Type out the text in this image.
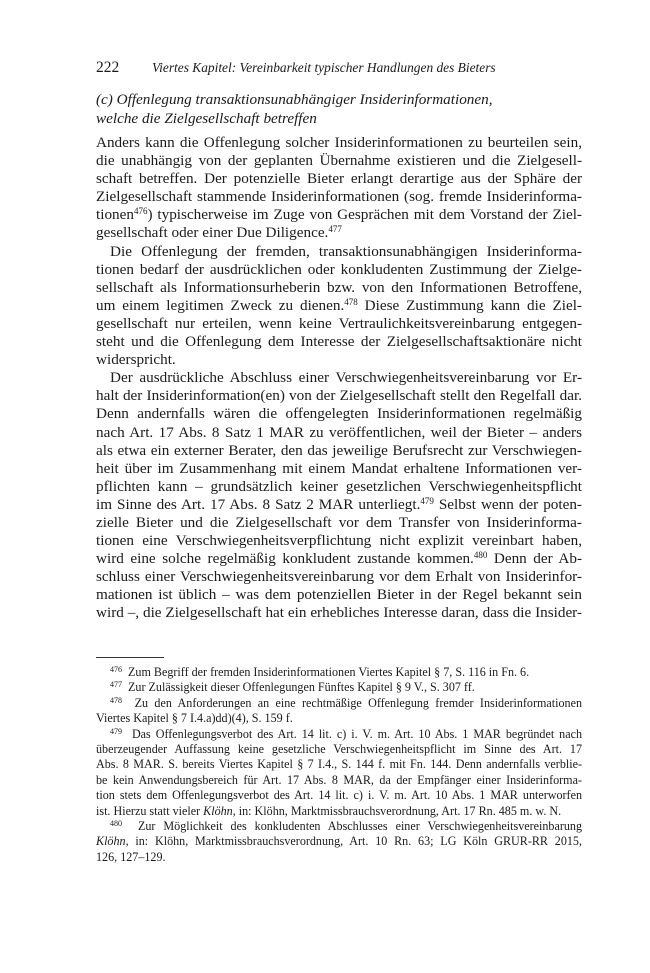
222 Viertes Kapitel: Vereinbarkeit typischer Handlungen des Bieters
(c) Offenlegung transaktionsunabhängiger Insiderinformationen,
welche die Zielgesellschaft betreffen
Anders kann die Offenlegung solcher Insiderinformationen zu beurteilen sein,
die unabhängig von der geplanten Übernahme existieren und die Zielgesell-
schaft betreffen. Der potenzielle Bieter erlangt derartige aus der Sphäre der
Zielgesellschaft stammende Insiderinformationen (sog. fremde Insiderinforma-
tionen$^{476}$) typischerweise im Zuge von Gesprächen mit dem Vorstand der Ziel-
gesellschaft oder einer Due Diligence.$^{477}$
Die Offenlegung der fremden, transaktionsunabhängigen Insiderinforma-
tionen bedarf der ausdrücklichen oder konkludenten Zustimmung der Zielge-
sellschaft als Informationsurheberin bzw. von den Informationen Betroffene,
um einem legitimen Zweck zu dienen.$^{478}$ Diese Zustimmung kann die Ziel-
gesellschaft nur erteilen, wenn keine Vertraulichkeitsvereinbarung entgegen-
steht und die Offenlegung dem Interesse der Zielgesellschaftsaktionäre nicht
widerspricht.
Der ausdrückliche Abschluss einer Verschwiegenheitsvereinbarung vor Er-
halt der Insiderinformation(en) von der Zielgesellschaft stellt den Regelfall dar.
Denn andernfalls wären die offengelegten Insiderinformationen regelmäßig
nach Art. 17 Abs. 8 Satz 1 MAR zu veröffentlichen, weil der Bieter – anders
als etwa ein externer Berater, den das jeweilige Berufsrecht zur Verschwiegen-
heit über im Zusammenhang mit einem Mandat erhaltene Informationen ver-
pflichten kann – grundsätzlich keiner gesetzlichen Verschwiegenheitspflicht
im Sinne des Art. 17 Abs. 8 Satz 2 MAR unterliegt.$^{479}$ Selbst wenn der poten-
zielle Bieter und die Zielgesellschaft vor dem Transfer von Insiderinforma-
tionen eine Verschwiegenheitsverpflichtung nicht explizit vereinbart haben,
wird eine solche regelmäßig konkludent zustande kommen.$^{480}$ Denn der Ab-
schluss einer Verschwiegenheitsvereinbarung vor dem Erhalt von Insiderinfor-
mationen ist üblich – was dem potenziellen Bieter in der Regel bekannt sein
wird –, die Zielgesellschaft hat ein erhebliches Interesse daran, dass die Insider-
$^{476}$ Zum Begriff der fremden Insiderinformationen Viertes Kapitel § 7, S. 116 in Fn. 6.
$^{477}$ Zur Zulässigkeit dieser Offenlegungen Fünftes Kapitel § 9 V., S. 307 ff.
$^{478}$ Zu den Anforderungen an eine rechtmäßige Offenlegung fremder Insiderinformationen
Viertes Kapitel § 7 I.4.a)dd)(4), S. 159 f.
$^{479}$ Das Offenlegungsverbot des Art. 14 lit. c) i. V. m. Art. 10 Abs. 1 MAR begründet nach
überzeugender Auffassung keine gesetzliche Verschwiegenheitspflicht im Sinne des Art. 17
Abs. 8 MAR. S. bereits Viertes Kapitel § 7 I.4., S. 144 f. mit Fn. 144. Denn andernfalls verblie-
be kein Anwendungsbereich für Art. 17 Abs. 8 MAR, da der Empfänger einer Insiderinforma-
tion stets dem Offenlegungsverbot des Art. 14 lit. c) i. V. m. Art. 10 Abs. 1 MAR unterworfen
ist. Hierzu statt vieler Klöhn, in: Klöhn, Marktmissbrauchsverordnung, Art. 17 Rn. 485 m. w. N.
$^{480}$ Zur Möglichkeit des konkludenten Abschlusses einer Verschwiegenheitsvereinbarung
Klöhn, in: Klöhn, Marktmissbrauchsverordnung, Art. 10 Rn. 63; LG Köln GRUR-RR 2015,
126, 127–129.
